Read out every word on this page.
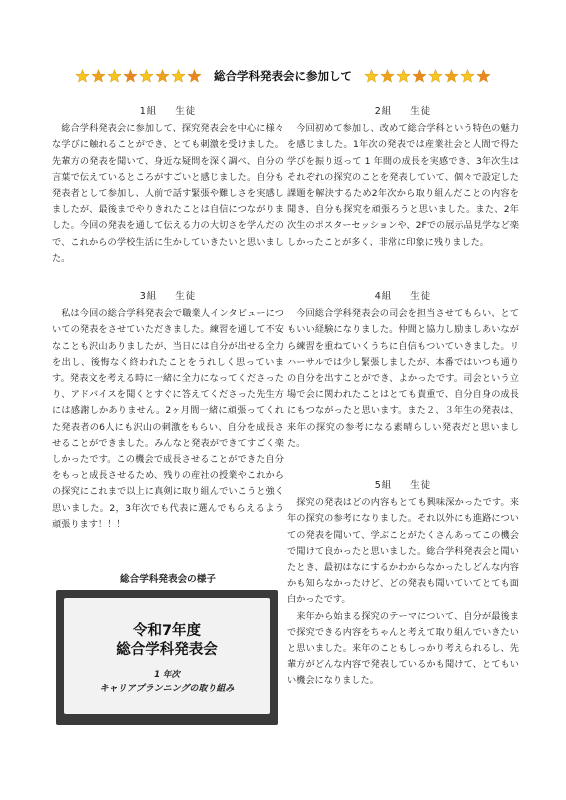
総合学科発表会に参加して
1組 生徒

総合学科発表会に参加して、探究発表会を中心に様々な学びに触れることができ、とても刺激を受けました。先輩方の発表を聞いて、身近な疑問を深く調べ、自分の言葉で伝えているところがすごいと感じました。自分も発表者として参加し、人前で話す緊張や難しさを実感しましたが、最後までやりきれたことは自信につながりました。今回の発表を通して伝える力の大切さを学んだので、これからの学校生活に生かしていきたいと思いました。

2組 生徒

今回初めて参加し、改めて総合学科という特色の魅力を感じました。1年次の発表では産業社会と人間で得た学びを振り返って 1 年間の成長を実感でき、3年次生はそれぞれの探究のことを発表していて、個々で設定した課題を解決するため2年次から取り組んだことの内容を聞き、自分も探究を頑張ろうと思いました。また、2年次生のポスターセッションや、2Fでの展示品見学など楽しかったことが多く、非常に印象に残りました。

3組 生徒

私は今回の総合学科発表会で職業人インタビューについての発表をさせていただきました。練習を通して不安なことも沢山ありましたが、当日には自分が出せる全力を出し、後悔なく終われたことをうれしく思っています。発表文を考える時に一緒に全力になってくださったり、アドバイスを聞くとすぐに答えてくださった先生方には感謝しかありません。2ヶ月間一緒に頑張ってくれた発表者の6人にも沢山の刺激をもらい、自分を成長させることができました。みんなと発表ができてすごく楽しかったです。この機会で成長させることができた自分をもっと成長させるため、残りの産社の授業やこれからの探究にこれまで以上に真剣に取り組んでいこうと強く思いました。2，3年次でも代表に選んでもらえるよう頑張ります！！！

4組 生徒

今回総合学科発表会の司会を担当させてもらい、とてもいい経験になりました。仲間と協力し励ましあいながら練習を重ねていくうちに自信もついていきました。リハーサルでは少し緊張しましたが、本番ではいつも通りの自分を出すことができ、よかったです。司会という立場で会に関われたことはとても貴重で、自分自身の成長にもつながったと思います。また２、３年生の発表は、来年の探究の参考になる素晴らしい発表だと思いました。

5組 生徒

探究の発表はどの内容もとても興味深かったです。来年の探究の参考になりました。それ以外にも進路についての発表を聞いて、学ぶことがたくさんあってこの機会で聞けて良かったと思いました。総合学科発表会と聞いたとき、最初はなにするかわからなかったしどんな内容かも知らなかったけど、どの発表も聞いていてとても面白かったです。

来年から始まる探究のテーマについて、自分が最後まで探究できる内容をちゃんと考えて取り組んでいきたいと思いました。来年のこともしっかり考えられるし、先輩方がどんな内容で発表しているかも聞けて、とてもいい機会になりました。

総合学科発表会の様子
令和7年度
総合学科発表会
1 年次
キャリアプランニングの取り組み
